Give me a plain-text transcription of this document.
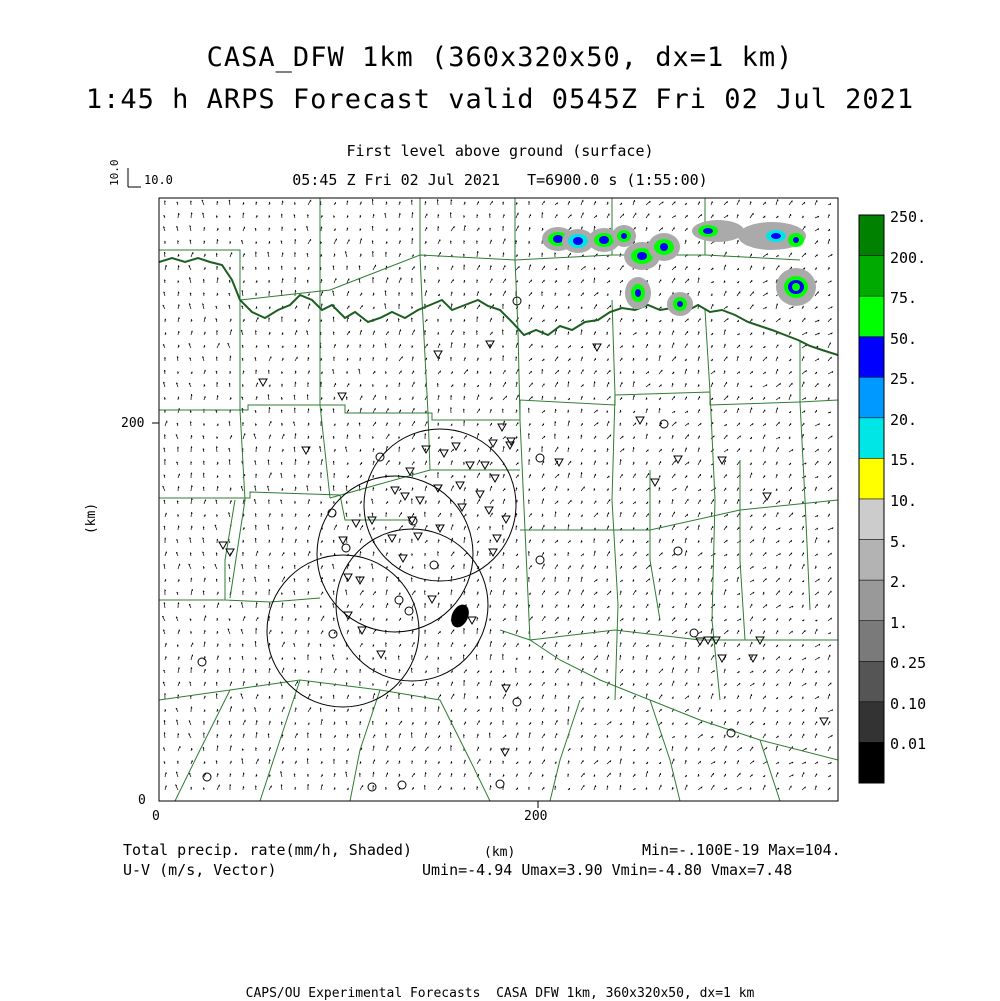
CASA_DFW 1km (360x320x50, dx=1 km)
1:45 h ARPS Forecast valid 0545Z Fri 02 Jul 2021
First level above ground (surface)
05:45 Z Fri 02 Jul 2021   T=6900.0 s (1:55:00)
10.0 10.0
0
200
0	200
(km)
(km)
Total precip. rate(mm/h, Shaded)
U-V (m/s, Vector)
Min=-.100E-19 Max=104.
Umin=-4.94 Umax=3.90 Vmin=-4.80 Vmax=7.48
CAPS/OU Experimental Forecasts  CASA DFW 1km, 360x320x50, dx=1 km
250.
200.
75.
50.
25.
20.
15.
10.
5.
2.
1.
0.25
0.10
0.01
